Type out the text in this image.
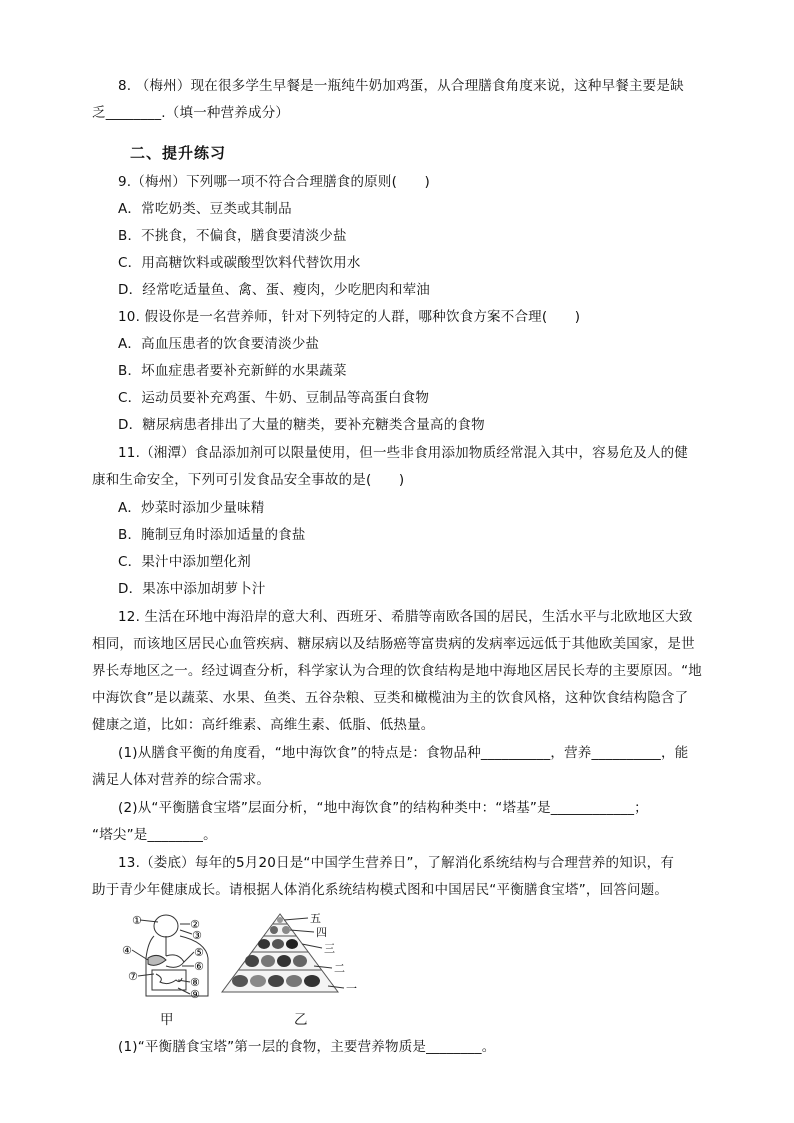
8. （梅州）现在很多学生早餐是一瓶纯牛奶加鸡蛋，从合理膳食角度来说，这种早餐主要是缺
乏________.（填一种营养成分）
二、提升练习
9.（梅州）下列哪一项不符合合理膳食的原则(　　)
A．常吃奶类、豆类或其制品
B．不挑食，不偏食，膳食要清淡少盐
C．用高糖饮料或碳酸型饮料代替饮用水
D．经常吃适量鱼、禽、蛋、瘦肉，少吃肥肉和荤油
10. 假设你是一名营养师，针对下列特定的人群，哪种饮食方案不合理(　　)
A．高血压患者的饮食要清淡少盐
B．坏血症患者要补充新鲜的水果蔬菜
C．运动员要补充鸡蛋、牛奶、豆制品等高蛋白食物
D．糖尿病患者排出了大量的糖类，要补充糖类含量高的食物
11.（湘潭）食品添加剂可以限量使用，但一些非食用添加物质经常混入其中，容易危及人的健
康和生命安全，下列可引发食品安全事故的是(　　)
A．炒菜时添加少量味精
B．腌制豆角时添加适量的食盐
C．果汁中添加塑化剂
D．果冻中添加胡萝卜汁
12. 生活在环地中海沿岸的意大利、西班牙、希腊等南欧各国的居民，生活水平与北欧地区大致
相同，而该地区居民心血管疾病、糖尿病以及结肠癌等富贵病的发病率远远低于其他欧美国家，是世
界长寿地区之一。经过调查分析，科学家认为合理的饮食结构是地中海地区居民长寿的主要原因。“地
中海饮食”是以蔬菜、水果、鱼类、五谷杂粮、豆类和橄榄油为主的饮食风格，这种饮食结构隐含了
健康之道，比如：高纤维素、高维生素、低脂、低热量。
(1)从膳食平衡的角度看，“地中海饮食”的特点是：食物品种__________，营养__________，能
满足人体对营养的综合需求。
(2)从“平衡膳食宝塔”层面分析，“地中海饮食”的结构种类中：“塔基”是____________；
“塔尖”是________。
13.（娄底）每年的5月20日是“中国学生营养日”，了解消化系统结构与合理营养的知识，有
助于青少年健康成长。请根据人体消化系统结构模式图和中国居民“平衡膳食宝塔”，回答问题。
①	②
③
④	⑤
⑥
⑦	⑧
⑨
五
四
三
二
一
甲	乙
(1)“平衡膳食宝塔”第一层的食物，主要营养物质是________。
